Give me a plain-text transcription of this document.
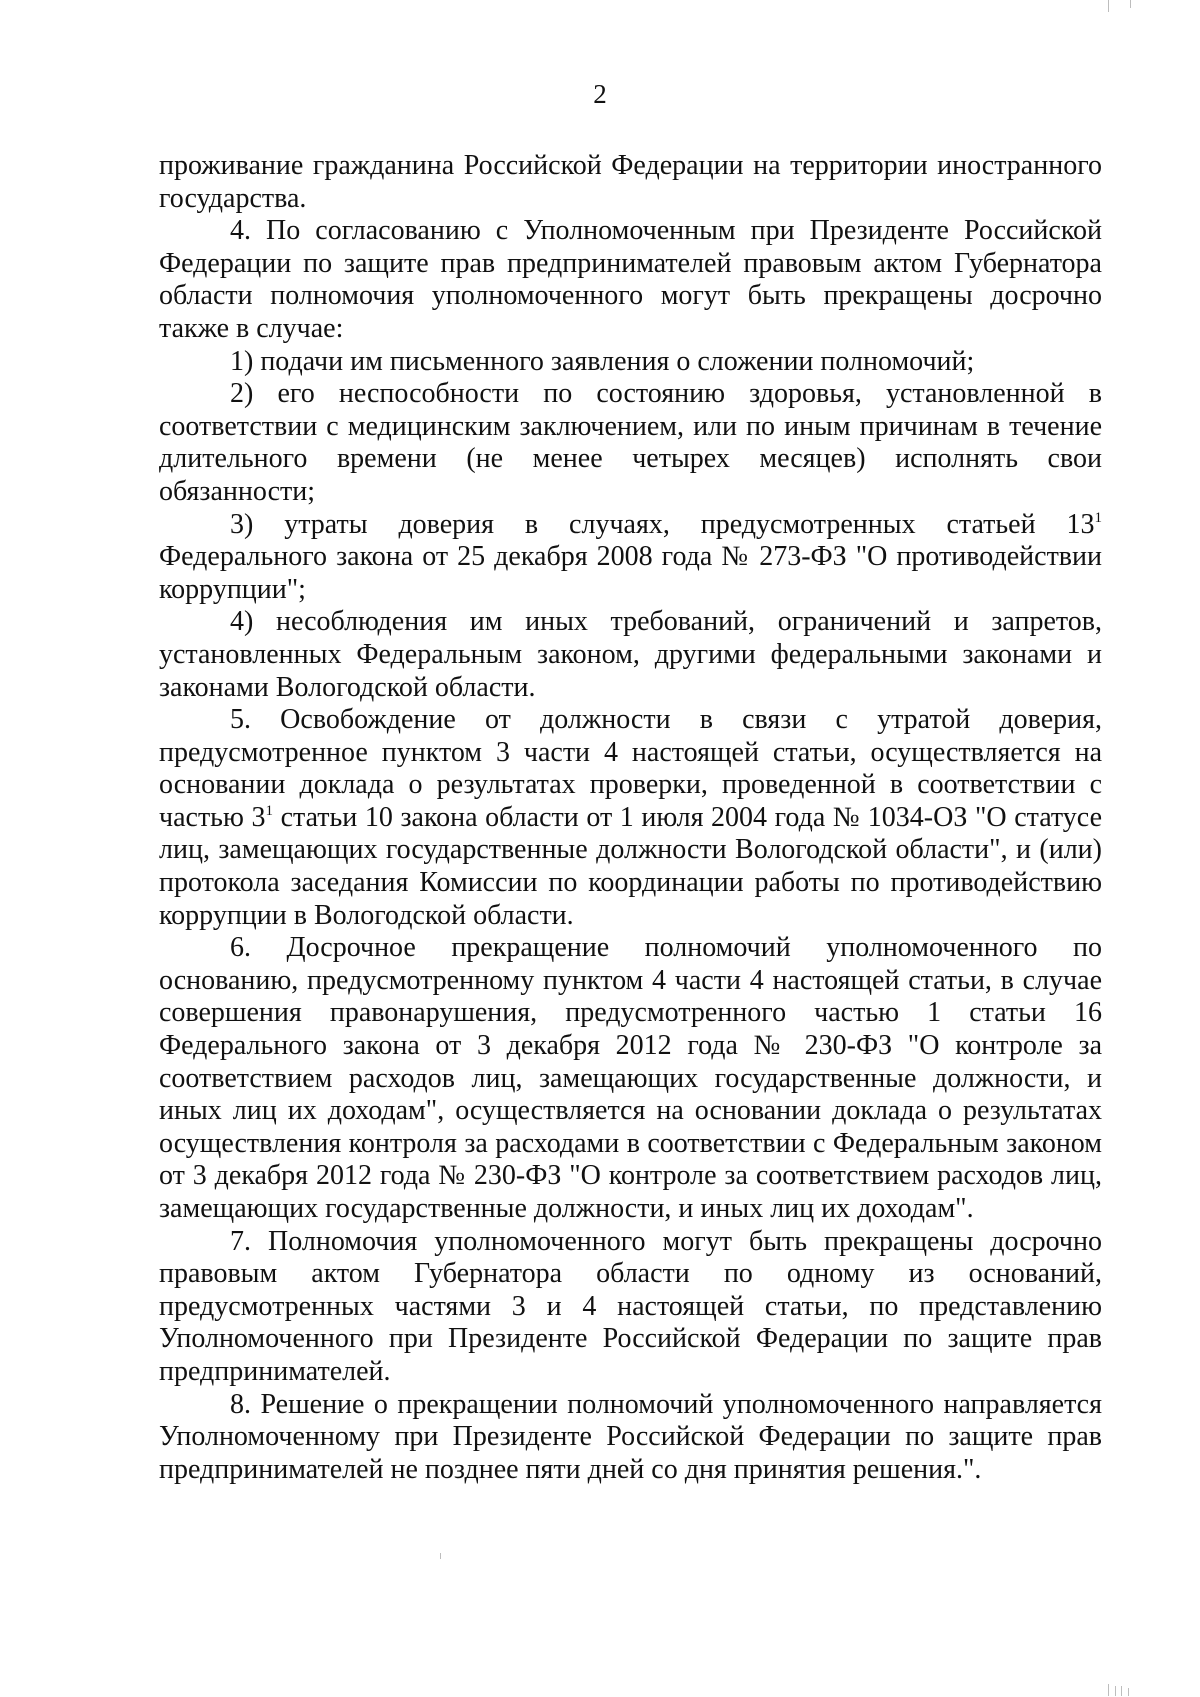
2

проживание гражданина Российской Федерации на территории иностранного государства.

4. По согласованию с Уполномоченным при Президенте Российской Федерации по защите прав предпринимателей правовым актом Губернатора области полномочия уполномоченного могут быть прекращены досрочно также в случае:

1) подачи им письменного заявления о сложении полномочий;

2) его неспособности по состоянию здоровья, установленной в соответствии с медицинским заключением, или по иным причинам в течение длительного времени (не менее четырех месяцев) исполнять свои обязанности;

3) утраты доверия в случаях, предусмотренных статьей $13^1$ Федерального закона от 25 декабря 2008 года № 273-ФЗ "О противодействии коррупции";

4) несоблюдения им иных требований, ограничений и запретов, установленных Федеральным законом, другими федеральными законами и законами Вологодской области.

5. Освобождение от должности в связи с утратой доверия, предусмотренное пунктом 3 части 4 настоящей статьи, осуществляется на основании доклада о результатах проверки, проведенной в соответствии с частью $3^1$ статьи 10 закона области от 1 июля 2004 года № 1034-ОЗ "О статусе лиц, замещающих государственные должности Вологодской области", и (или) протокола заседания Комиссии по координации работы по противодействию коррупции в Вологодской области.

6. Досрочное прекращение полномочий уполномоченного по основанию, предусмотренному пунктом 4 части 4 настоящей статьи, в случае совершения правонарушения, предусмотренного частью 1 статьи 16 Федерального закона от 3 декабря 2012 года № 230-ФЗ "О контроле за соответствием расходов лиц, замещающих государственные должности, и иных лиц их доходам", осуществляется на основании доклада о результатах осуществления контроля за расходами в соответствии с Федеральным законом от 3 декабря 2012 года № 230-ФЗ "О контроле за соответствием расходов лиц, замещающих государственные должности, и иных лиц их доходам".

7. Полномочия уполномоченного могут быть прекращены досрочно правовым актом Губернатора области по одному из оснований, предусмотренных частями 3 и 4 настоящей статьи, по представлению Уполномоченного при Президенте Российской Федерации по защите прав предпринимателей.

8. Решение о прекращении полномочий уполномоченного направляется Уполномоченному при Президенте Российской Федерации по защите прав предпринимателей не позднее пяти дней со дня принятия решения.".
